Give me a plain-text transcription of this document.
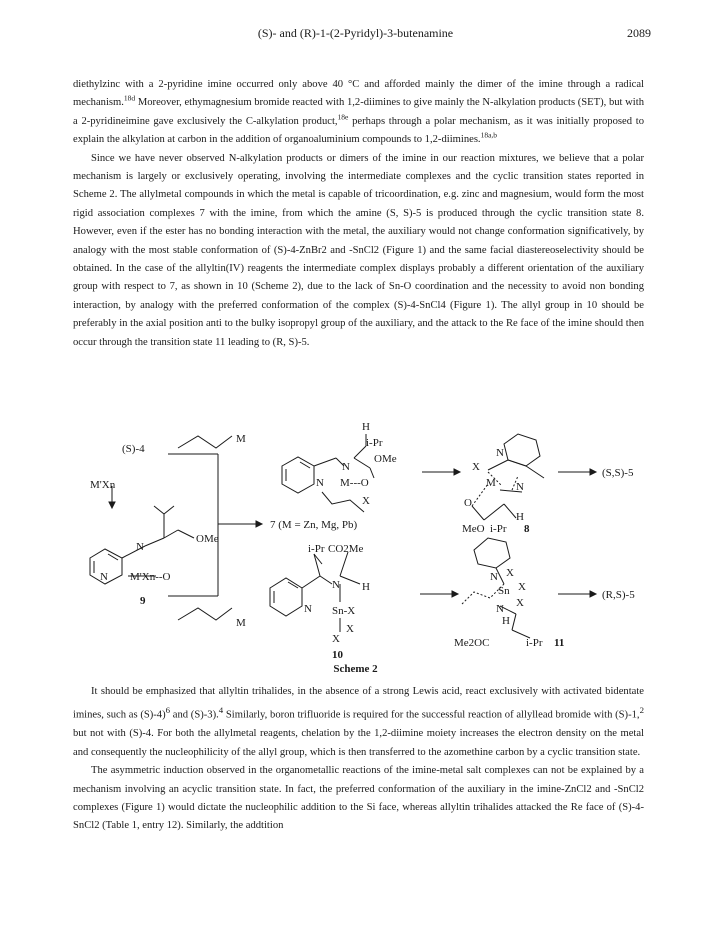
(S)- and (R)-1-(2-Pyridyl)-3-butenamine	2089

diethylzinc with a 2-pyridine imine occurred only above 40 °C and afforded mainly the dimer of the imine through a radical mechanism.$^{18d}$ Moreover, ethymagnesium bromide reacted with 1,2-diimines to give mainly the N-alkylation products (SET), but with a 2-pyridineimine gave exclusively the C-alkylation product,$^{18e}$ perhaps through a polar mechanism, as it was initially proposed to explain the alkylation at carbon in the addition of organoaluminium compounds to 1,2-diimines.$^{18a,b}$

Since we have never observed N-alkylation products or dimers of the imine in our reaction mixtures, we believe that a polar mechanism is largely or exclusively operating, involving the intermediate complexes and the cyclic transition states reported in Scheme 2. The allylmetal compounds in which the metal is capable of tricoordination, e.g. zinc and magnesium, would form the most rigid association complexes 7 with the imine, from which the amine (S, S)-5 is produced through the cyclic transition state 8. However, even if the ester has no bonding interaction with the metal, the auxiliary would not change conformation significatively, by analogy with the most stable conformation of (S)-4-ZnBr2 and -SnCl2 (Figure 1) and the same facial diastereoselectivity should be obtained. In the case of the allyltin(IV) reagents the intermediate complex displays probably a different orientation of the auxiliary group with respect to 7, as shown in 10 (Scheme 2), due to the lack of Sn-O coordination and the necessity to avoid non bonding interaction, by analogy with the preferred conformation of the complex (S)-4-SnCl4 (Figure 1). The allyl group in 10 should be preferably in the axial position anti to the bulky isopropyl group of the auxiliary, and the attack to the Re face of the imine should then occur through the transition state 11 leading to (R, S)-5.

(S)-4
M
M'Xn
OMe
N
N M'Xn--O
9
M
H
i-Pr
OMe
N
N M---O
X
7 (M = Zn, Mg, Pb)
X
N
M N
O
H
MeO i-Pr 8
(S,S)-5
i-Pr CO2Me
N
N
H
Sn-X
X
X
10
N X
Sn X
X
N
H
Me2OC	i-Pr 11
(R,S)-5
Scheme 2

It should be emphasized that allyltin trihalides, in the absence of a strong Lewis acid, react exclusively with activated bidentate imines, such as (S)-4)$^6$ and (S)-3).$^4$ Similarly, boron trifluoride is required for the successful reaction of allyllead bromide with (S)-1,$^2$ but not with (S)-4. For both the allylmetal reagents, chelation by the 1,2-diimine moiety increases the electron density on the metal and consequently the nucleophilicity of the allyl group, which is then transferred to the azomethine carbon by a cyclic transition state.

The asymmetric induction observed in the organometallic reactions of the imine-metal salt complexes can not be explained by a mechanism involving an acyclic transition state. In fact, the preferred conformation of the auxiliary in the imine-ZnCl2 and -SnCl2 complexes (Figure 1) would dictate the nucleophilic addition to the Si face, whereas allyltin trihalides attacked the Re face of (S)-4-SnCl2 (Table 1, entry 12). Similarly, the addtition
